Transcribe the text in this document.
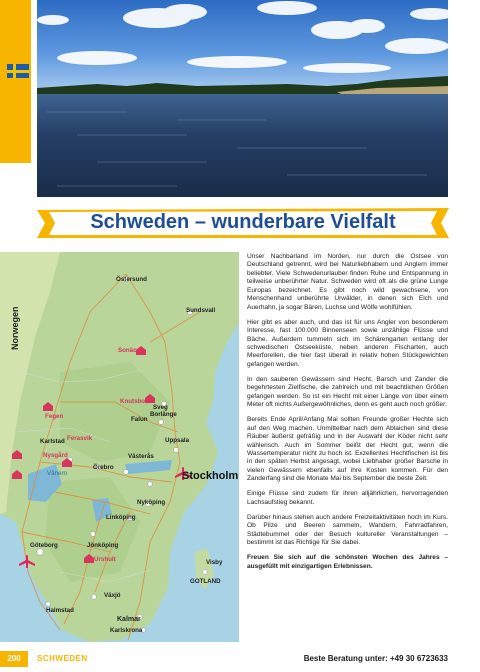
SCHWEDEN
Schweden – wunderbare Vielfalt
Norwegen
Östersund
Sundsvall
Sveg
Sonäo
Knutsbo
Borlänge
Falun
Fegen
Uppsala
Karlstad Ferasvik
Västerås
Nysgård
Vänern
Örebro
Stockholm
Nyköping
Linköping
Göteborg	Jönköping
Urshult	Visby
GOTLAND
Växjö
Halmstad
Kalmar
Karlskrona

Unser Nachbarland im Norden, nur durch die Ostsee von Deutschland getrennt, wird bei Naturliebhabern und Anglern immer beliebter. Viele Schwedenurlauber finden Ruhe und Entspannung in teilweise unberührter Natur. Schweden wird oft als die grüne Lunge Europas bezeichnet. Es gibt noch wild gewachsene, von Menschenhand unberührte Urwälder, in denen sich Elch und Auerhahn, ja sogar Bären, Luchse und Wölfe wohlfühlen.

Hier gibt es aber auch, und das ist für uns Angler von besonderem Interesse, fast 100.000 Binnenseen sowie unzählige Flüsse und Bäche. Außerdem tummeln sich im Schärengarten entlang der schwedischen Ostseeküste, neben anderen Fischarten, auch Meerforellen, die hier fast überall in relativ hohen Stückgewichten gefangen werden.

In den sauberen Gewässern sind Hecht, Barsch und Zander die begehrtesten Zielfische, die zahlreich und mit beachtlichen Größen gefangen werden. So ist ein Hecht mit einer Länge von über einem Meter oft nichts Außergewöhnliches, denn es geht auch noch größer.

Bereits Ende April/Anfang Mai sollten Freunde großer Hechte sich auf den Weg machen. Unmittelbar nach dem Ablaichen sind diese Räuber äußerst gefräßig und in der Auswahl der Köder nicht sehr wählerisch. Auch im Sommer beißt der Hecht gut, wenn die Wassertemperatur nicht zu hoch ist. Exzellentes Hechtfischen ist bis in den späten Herbst angesagt, wobei Liebhaber großer Barsche in vielen Gewässern ebenfalls auf ihre Kosten kommen. Für den Zanderfang sind die Monate Mai bis September die beste Zeit.

Einige Flüsse sind zudem für ihren alljährlichen, hervorragenden Lachsaufstieg bekannt.

Darüber hinaus stehen auch andere Freizeitaktivitäten hoch im Kurs. Ob Pilze und Beeren sammeln, Wandern, Fahrradfahren, Städtebummel oder der Besuch kultureller Veranstaltungen – bestimmt ist das Richtige für Sie dabei.

Freuen Sie sich auf die schönsten Wochen des Jahres – ausgefüllt mit einzigartigen Erlebnissen.

200	SCHWEDEN	Beste Beratung unter: +49 30 6723633
